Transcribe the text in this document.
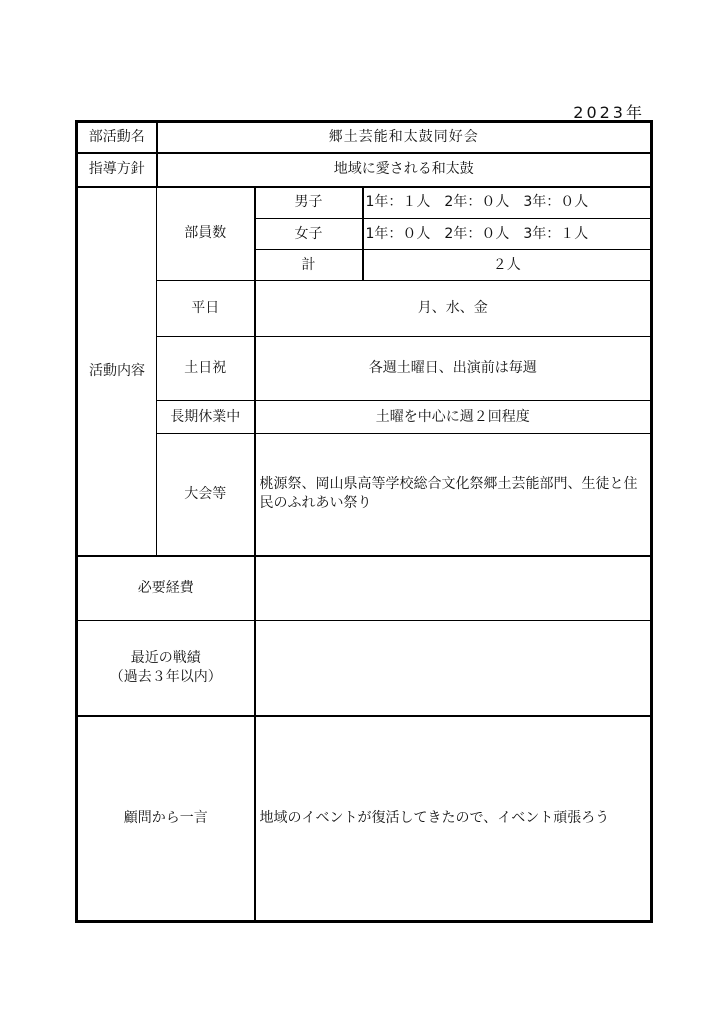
2023年
部活動名	郷土芸能和太鼓同好会		
指導方針	地域に愛される和太鼓		
活動内容	部員数	男子	1年：１人　2年：０人　3年：０人
		女子	1年：０人　2年：０人　3年：１人
		計	２人
	平日	月、水、金	
	土日祝	各週土曜日、出演前は毎週	
	長期休業中	土曜を中心に週２回程度	
	大会等	桃源祭、岡山県高等学校総合文化祭郷土芸能部門、生徒と住民のふれあい祭り	
必要経費			

最近の戦績
（過去３年以内）			

顧問から一言		地域のイベントが復活してきたので、イベント頑張ろう	
